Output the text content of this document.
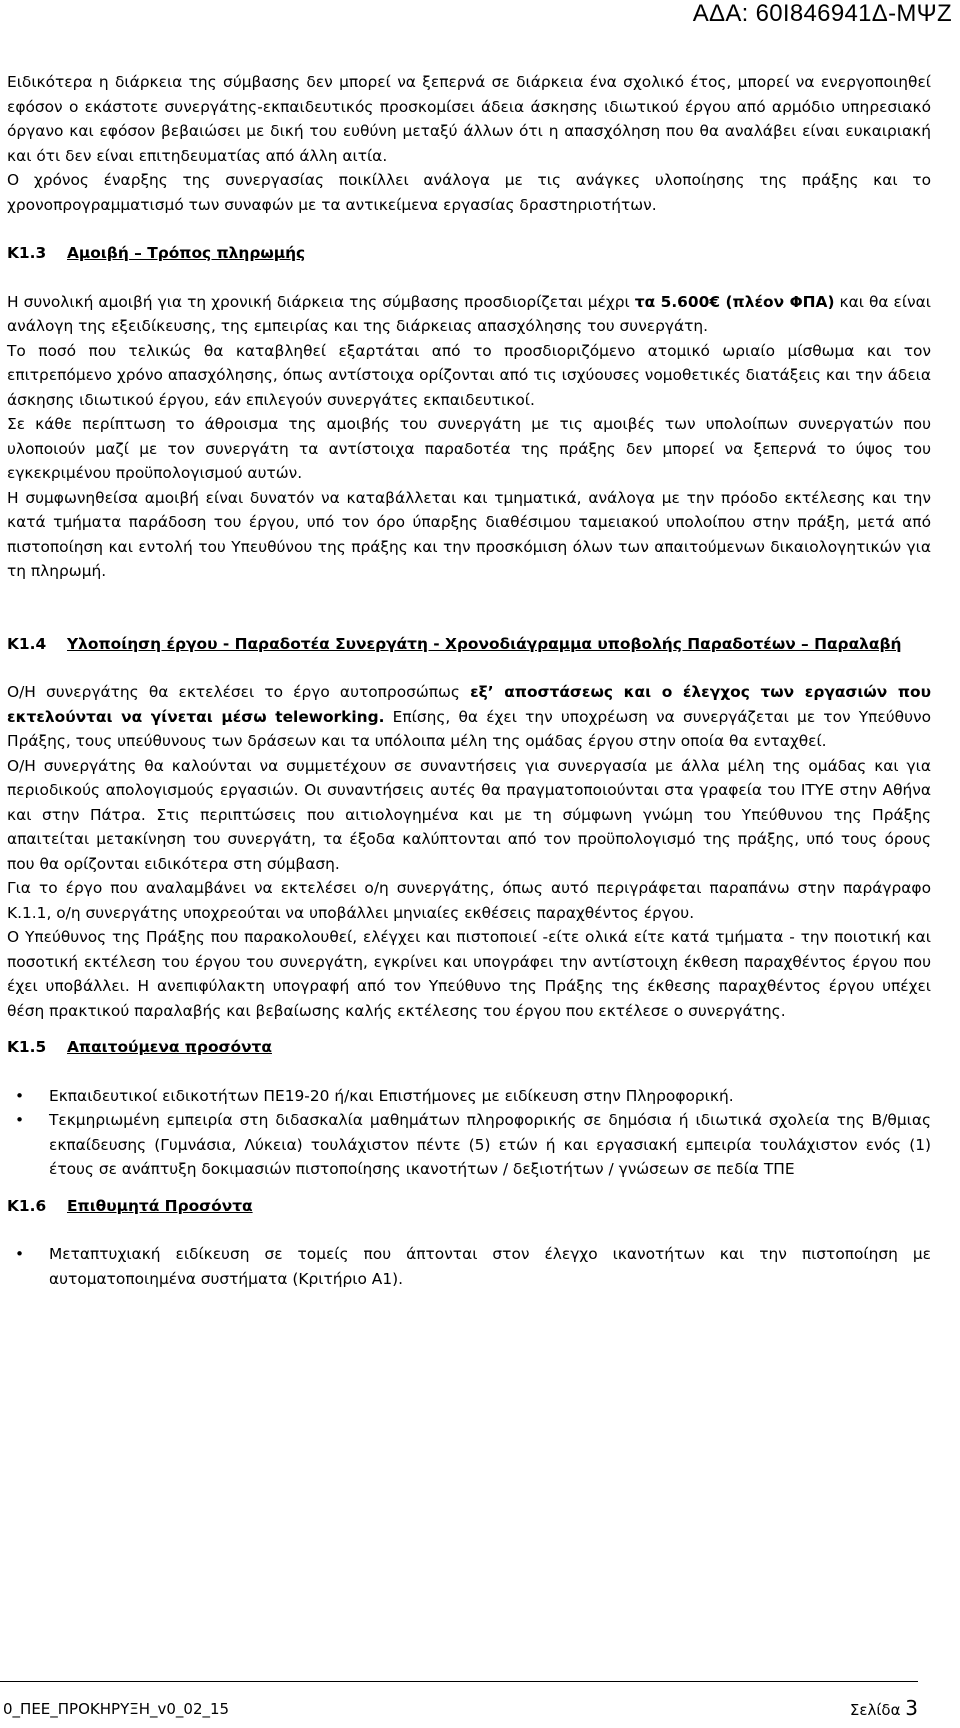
ΑΔΑ: 60Ι846941Δ-ΜΨΖ

Ειδικότερα η διάρκεια της σύμβασης δεν μπορεί να ξεπερνά σε διάρκεια ένα σχολικό έτος, μπορεί να ενεργοποιηθεί εφόσον ο εκάστοτε συνεργάτης-εκπαιδευτικός προσκομίσει άδεια άσκησης ιδιωτικού έργου από αρμόδιο υπηρεσιακό όργανο και εφόσον βεβαιώσει με δική του ευθύνη μεταξύ άλλων ότι η απασχόληση που θα αναλάβει είναι ευκαιριακή και ότι δεν είναι επιτηδευματίας από άλλη αιτία.

Ο χρόνος έναρξης της συνεργασίας ποικίλλει ανάλογα με τις ανάγκες υλοποίησης της πράξης και το χρονοπρογραμματισμό των συναφών με τα αντικείμενα εργασίας δραστηριοτήτων.

Κ1.3	Αμοιβή – Τρόπος πληρωμής

Η συνολική αμοιβή για τη χρονική διάρκεια της σύμβασης προσδιορίζεται μέχρι τα 5.600€ (πλέον ΦΠΑ) και θα είναι ανάλογη της εξειδίκευσης, της εμπειρίας και της διάρκειας απασχόλησης του συνεργάτη.

Το ποσό που τελικώς θα καταβληθεί εξαρτάται από το προσδιοριζόμενο ατομικό ωριαίο μίσθωμα και τον επιτρεπόμενο χρόνο απασχόλησης, όπως αντίστοιχα ορίζονται από τις ισχύουσες νομοθετικές διατάξεις και την άδεια άσκησης ιδιωτικού έργου, εάν επιλεγούν συνεργάτες εκπαιδευτικοί.

Σε κάθε περίπτωση το άθροισμα της αμοιβής του συνεργάτη με τις αμοιβές των υπολοίπων συνεργατών που υλοποιούν μαζί με τον συνεργάτη τα αντίστοιχα παραδοτέα της πράξης δεν μπορεί να ξεπερνά το ύψος του εγκεκριμένου προϋπολογισμού αυτών.

Η συμφωνηθείσα αμοιβή είναι δυνατόν να καταβάλλεται και τμηματικά, ανάλογα με την πρόοδο εκτέλεσης και την κατά τμήματα παράδοση του έργου, υπό τον όρο ύπαρξης διαθέσιμου ταμειακού υπολοίπου στην πράξη, μετά από πιστοποίηση και εντολή του Υπευθύνου της πράξης και την προσκόμιση όλων των απαιτούμενων δικαιολογητικών για τη πληρωμή.

Κ1.4	Υλοποίηση έργου - Παραδοτέα Συνεργάτη - Χρονοδιάγραμμα υποβολής Παραδοτέων – Παραλαβή

Ο/Η συνεργάτης θα εκτελέσει το έργο αυτοπροσώπως εξ’ αποστάσεως και ο έλεγχος των εργασιών που εκτελούνται να γίνεται μέσω teleworking. Επίσης, θα έχει την υποχρέωση να συνεργάζεται με τον Υπεύθυνο Πράξης, τους υπεύθυνους των δράσεων και τα υπόλοιπα μέλη της ομάδας έργου στην οποία θα ενταχθεί.

Ο/Η συνεργάτης θα καλούνται να συμμετέχουν σε συναντήσεις για συνεργασία με άλλα μέλη της ομάδας και για περιοδικούς απολογισμούς εργασιών. Οι συναντήσεις αυτές θα πραγματοποιούνται στα γραφεία του ΙΤΥΕ στην Αθήνα και στην Πάτρα. Στις περιπτώσεις που αιτιολογημένα και με τη σύμφωνη γνώμη του Υπεύθυνου της Πράξης απαιτείται μετακίνηση του συνεργάτη, τα έξοδα καλύπτονται από τον προϋπολογισμό της πράξης, υπό τους όρους που θα ορίζονται ειδικότερα στη σύμβαση.

Για το έργο που αναλαμβάνει να εκτελέσει ο/η συνεργάτης, όπως αυτό περιγράφεται παραπάνω στην παράγραφο Κ.1.1, ο/η συνεργάτης υποχρεούται να υποβάλλει μηνιαίες εκθέσεις παραχθέντος έργου.

Ο Υπεύθυνος της Πράξης που παρακολουθεί, ελέγχει και πιστοποιεί -είτε ολικά είτε κατά τμήματα - την ποιοτική και ποσοτική εκτέλεση του έργου του συνεργάτη, εγκρίνει και υπογράφει την αντίστοιχη έκθεση παραχθέντος έργου που έχει υποβάλλει. Η ανεπιφύλακτη υπογραφή από τον Υπεύθυνο της Πράξης της έκθεσης παραχθέντος έργου υπέχει θέση πρακτικού παραλαβής και βεβαίωσης καλής εκτέλεσης του έργου που εκτέλεσε ο συνεργάτης.

Κ1.5	Απαιτούμενα προσόντα
• Εκπαιδευτικοί ειδικοτήτων ΠΕ19-20 ή/και Επιστήμονες με ειδίκευση στην Πληροφορική.
• Τεκμηριωμένη εμπειρία στη διδασκαλία μαθημάτων πληροφορικής σε δημόσια ή ιδιωτικά σχολεία της Β/θμιας εκπαίδευσης (Γυμνάσια, Λύκεια) τουλάχιστον πέντε (5) ετών ή και εργασιακή εμπειρία τουλάχιστον ενός (1) έτους σε ανάπτυξη δοκιμασιών πιστοποίησης ικανοτήτων / δεξιοτήτων / γνώσεων σε πεδία ΤΠΕ
Κ1.6	Επιθυμητά Προσόντα
• Μεταπτυχιακή ειδίκευση σε τομείς που άπτονται στον έλεγχο ικανοτήτων και την πιστοποίηση με αυτοματοποιημένα συστήματα (Κριτήριο Α1).
0_ΠΕΕ_ΠΡΟΚΗΡΥΞΗ_v0_02_15	Σελίδα 3
